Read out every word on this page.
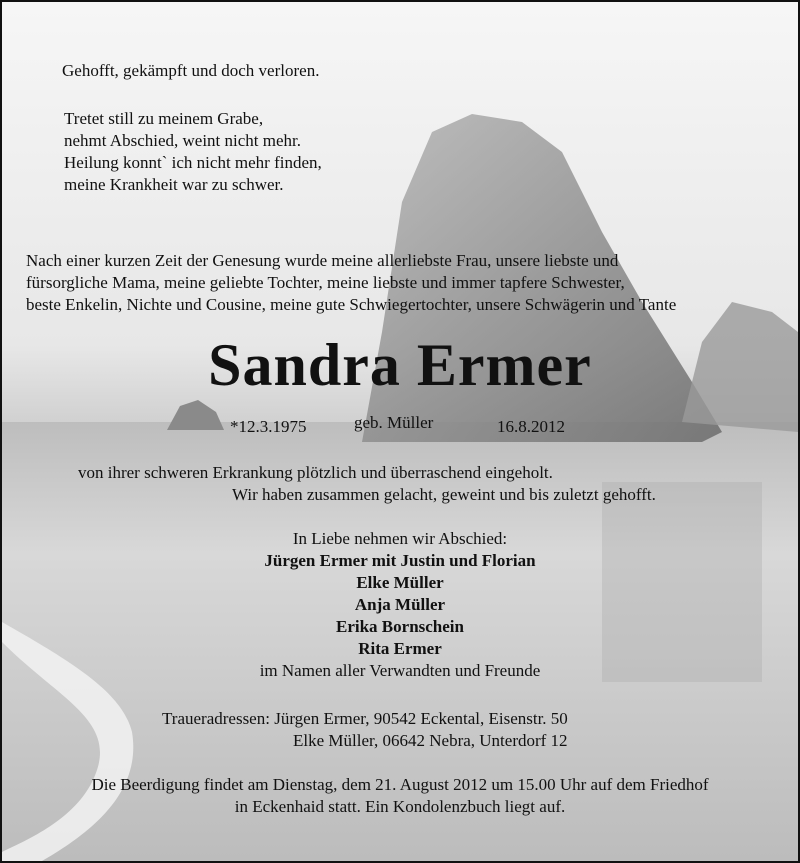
Gehofft, gekämpft und doch verloren.
Tretet still zu meinem Grabe,
nehmt Abschied, weint nicht mehr.
Heilung konnt` ich nicht mehr finden,
meine Krankheit war zu schwer.
Nach einer kurzen Zeit der Genesung wurde meine allerliebste Frau, unsere liebste und
fürsorgliche Mama, meine geliebte Tochter, meine liebste und immer tapfere Schwester,
beste Enkelin, Nichte und Cousine, meine gute Schwiegertochter, unsere Schwägerin und Tante
Sandra Ermer
*12.3.1975	geb. Müller	16.8.2012
von ihrer schweren Erkrankung plötzlich und überraschend eingeholt.
Wir haben zusammen gelacht, geweint und bis zuletzt gehofft.
In Liebe nehmen wir Abschied:
Jürgen Ermer mit Justin und Florian
Elke Müller
Anja Müller
Erika Bornschein
Rita Ermer
im Namen aller Verwandten und Freunde
Traueradressen: Jürgen Ermer, 90542 Eckental, Eisenstr. 50
Elke Müller, 06642 Nebra, Unterdorf 12
Die Beerdigung findet am Dienstag, dem 21. August 2012 um 15.00 Uhr auf dem Friedhof
in Eckenhaid statt. Ein Kondolenzbuch liegt auf.
